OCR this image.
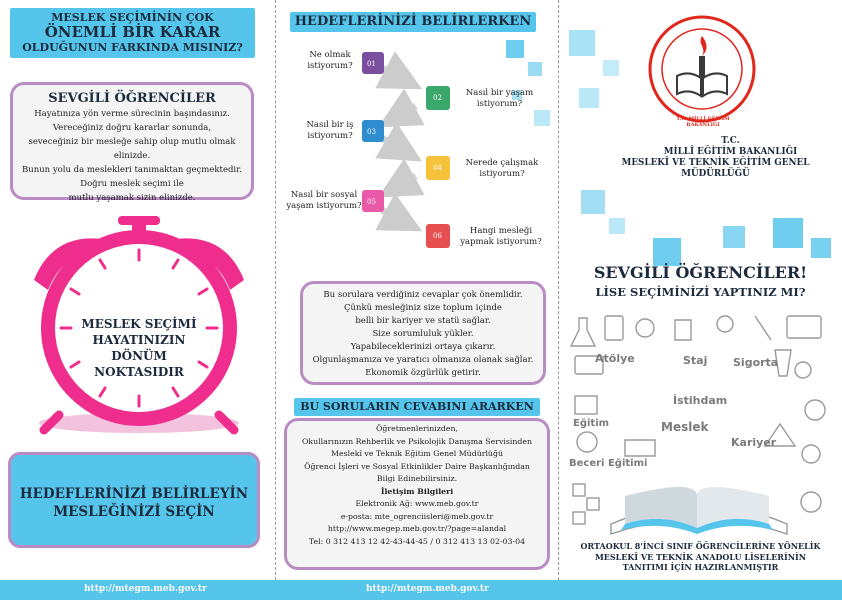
MESLEK SEÇİMİNİN ÇOK
ÖNEMLİ BİR KARAR
OLDUĞUNUN FARKINDA MISINIZ?
SEVGİLİ ÖĞRENCİLER
Hayatınıza yön verme sürecinin başındasınız.
Vereceğiniz doğru kararlar sonunda,
seveceğiniz bir mesleğe sahip olup mutlu olmak elinizde.
Bunun yolu da meslekleri tanımaktan geçmektedir.
Doğru meslek seçimi ile
mutlu yaşamak sizin elinizde.
MESLEK SEÇİMİ
HAYATINIZIN
DÖNÜM
NOKTASIDIR
HEDEFLERİNİZİ BELİRLEYİN
MESLEĞİNİZİ SEÇİN
HEDEFLERİNİZİ BELİRLERKEN
01
02
03
04
05
06
Ne olmak istiyorum?
Nasıl bir yaşam istiyorum?
Nasıl bir iş istiyorum?
Nerede çalışmak istiyorum?
Nasıl bir sosyal yaşam istiyorum?
Hangi mesleği yapmak istiyorum?
Bu sorulara verdiğiniz cevaplar çok önemlidir.
Çünkü mesleğiniz size toplum içinde
belli bir kariyer ve statü sağlar.
Size sorumluluk yükler.
Yapabileceklerinizi ortaya çıkarır.
Olgunlaşmanıza ve yaratıcı olmanıza olanak sağlar.
Ekonomik özgürlük getirir.
BU SORULARIN CEVABINI ARARKEN
Öğretmenlerinizden,
Okullarınızın Rehberlik ve Psikolojik Danışma Servisinden
Meslekî ve Teknik Eğitim Genel Müdürlüğü
Öğrenci İşleri ve Sosyal Etkinlikler Daire Başkanlığından
Bilgi Edinebilirsiniz.
İletişim Bilgileri
Elektronik Ağ: www.meb.gov.tr
e-posta: mte_ogrenciisleri@meb.gov.tr
http://www.megep.meb.gov.tr/?page=alandal
Tel: 0 312 413 12 42-43-44-45 / 0 312 413 13 02-03-04
T.C. MİLLÎ EĞİTİM BAKANLIĞI
T.C.
MİLLÎ EĞİTİM BAKANLIĞI
MESLEKÎ VE TEKNİK EĞİTİM GENEL MÜDÜRLÜĞÜ
SEVGİLİ ÖĞRENCİLER!
LİSE SEÇİMİNİZİ YAPTINIZ MI?
Atölye	Staj Sigorta
İstihdam
Eğitim	Meslek
Kariyer
Beceri Eğitimi
ORTAOKUL 8'İNCİ SINIF ÖĞRENCİLERİNE YÖNELİK
MESLEKÎ VE TEKNİK ANADOLU LİSELERİNİN
TANITIMI İÇİN HAZIRLANMIŞTIR
http://mtegm.meb.gov.tr	http://mtegm.meb.gov.tr
